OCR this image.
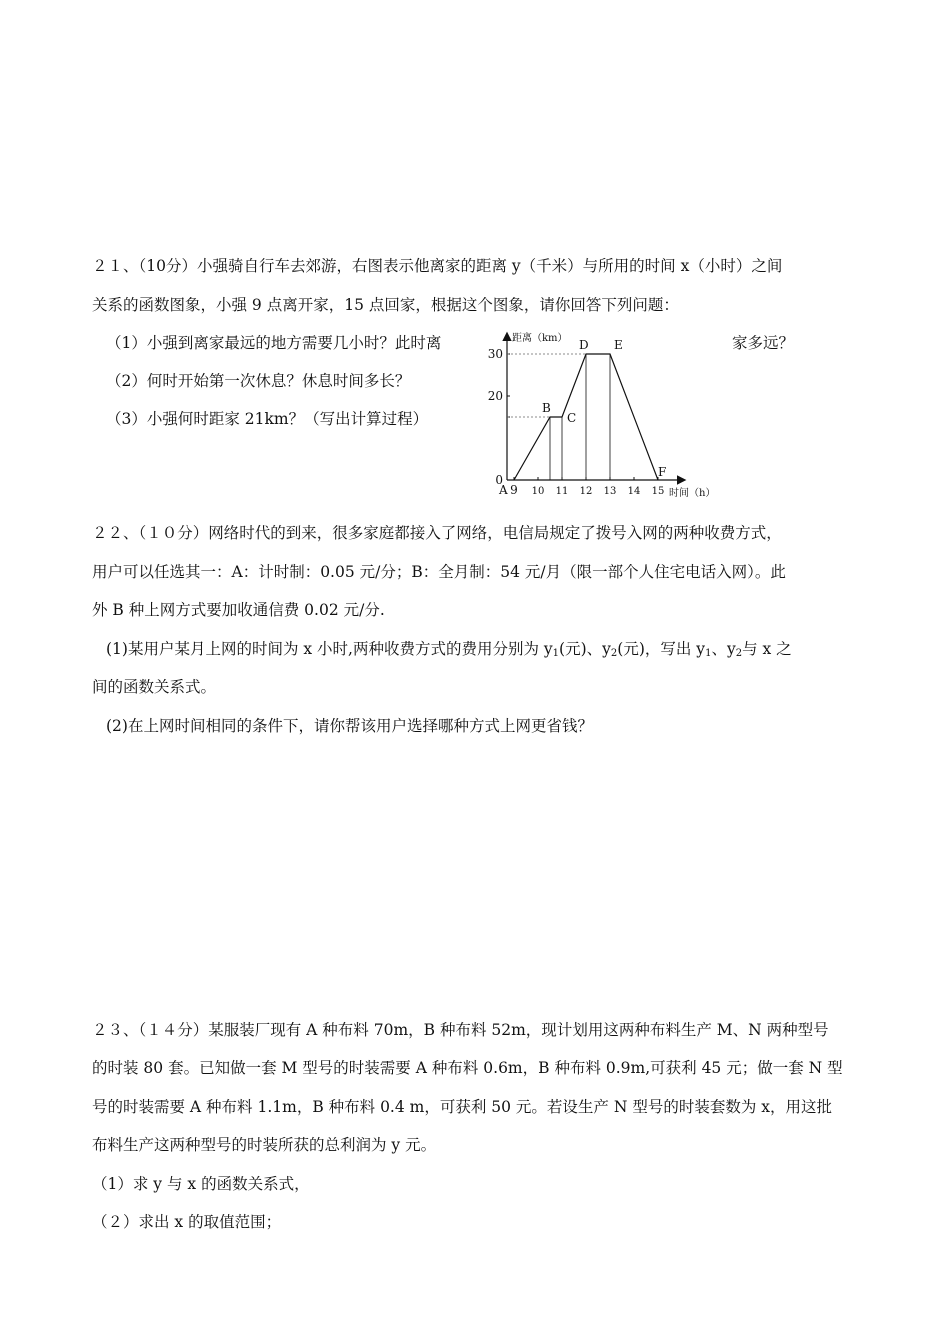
２１、（10分）小强骑自行车去郊游，右图表示他离家的距离 y（千米）与所用的时间 x（小时）之间
关系的函数图象，小强 9 点离开家，15 点回家，根据这个图象，请你回答下列问题：
（1）小强到离家最远的地方需要几小时？此时离	家多远？
（2）何时开始第一次休息？休息时间多长？
（3）小强何时距家 21km？（写出计算过程）
距离（km）
时间（h）
A 9 10 11 12 13 14 15
0
20
30
B
C
D E
F
２２、（１０分）网络时代的到来，很多家庭都接入了网络，电信局规定了拨号入网的两种收费方式，
用户可以任选其一：A：计时制：0.05 元/分；B：全月制：54 元/月（限一部个人住宅电话入网）。此
外 B 种上网方式要加收通信费 0.02 元/分.
(1)某用户某月上网的时间为 x 小时,两种收费方式的费用分别为 $y_1$(元)、$y_2$(元)，写出 $y_1$、$y_2$与 x 之
间的函数关系式。
(2)在上网时间相同的条件下，请你帮该用户选择哪种方式上网更省钱？
２３、（１４分）某服装厂现有 A 种布料 70m，B 种布料 52m，现计划用这两种布料生产 M、N 两种型号
的时装 80 套。已知做一套 M 型号的时装需要 A 种布料 0.6m，B 种布料 0.9m,可获利 45 元；做一套 N 型
号的时装需要 A 种布料 1.1m，B 种布料 0.4 m，可获利 50 元。若设生产 N 型号的时装套数为 x，用这批
布料生产这两种型号的时装所获的总利润为 y 元。
（1）求 y 与 x 的函数关系式，
（２）求出 x 的取值范围；
